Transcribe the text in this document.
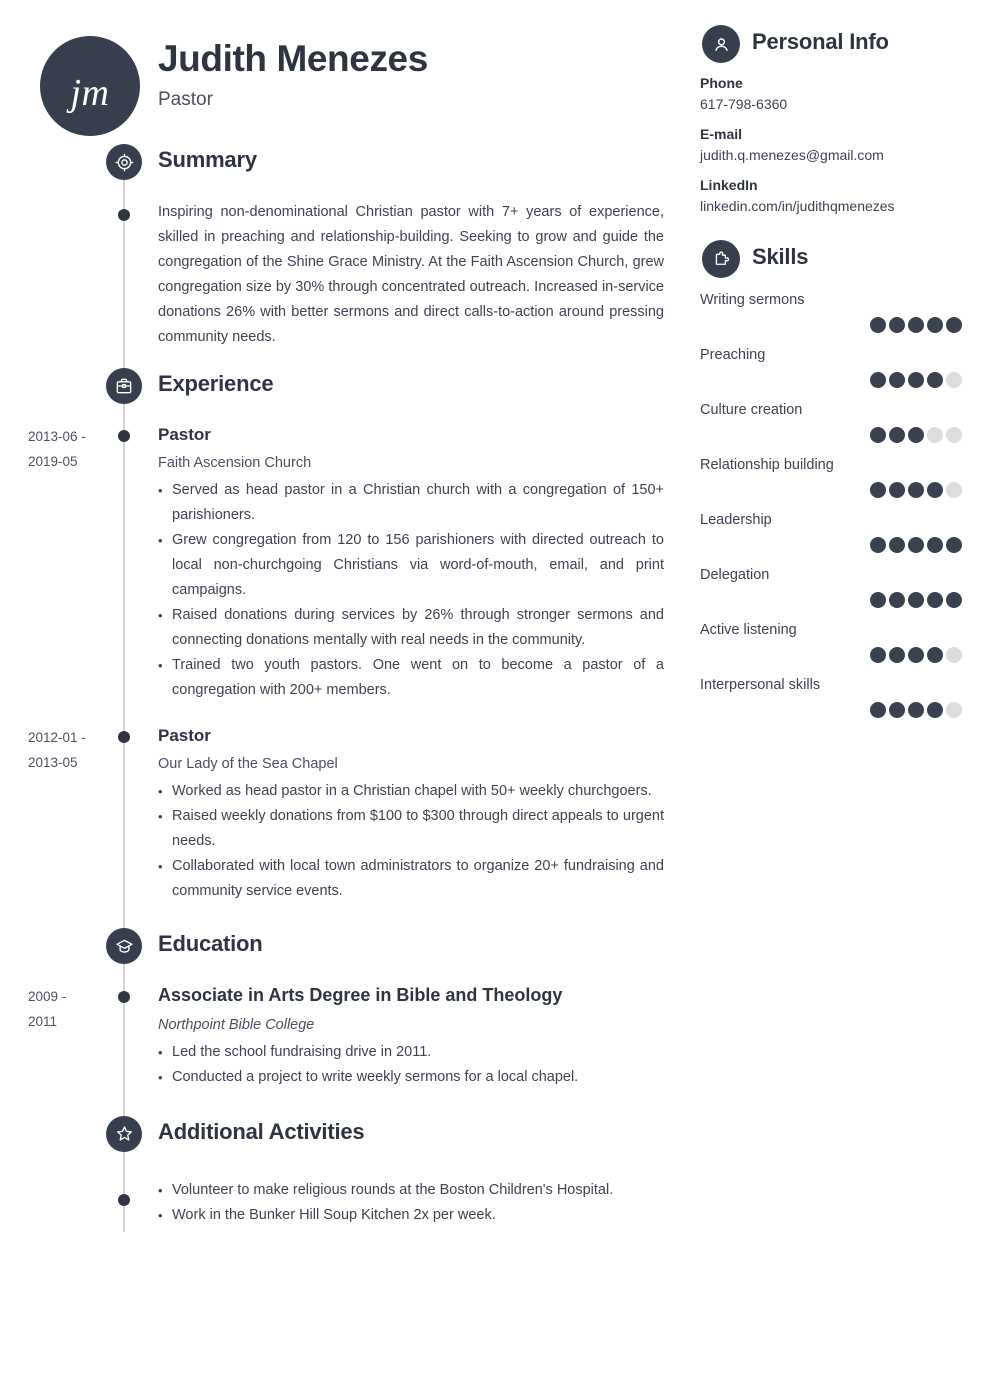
jm
Judith Menezes
Pastor
Summary

Inspiring non-denominational Christian pastor with 7+ years of experience, skilled in preaching and relationship-building. Seeking to grow and guide the congregation of the Shine Grace Ministry. At the Faith Ascension Church, grew congregation size by 30% through concentrated outreach. Increased in-service donations 26% with better sermons and direct calls-to-action around pressing community needs.

Experience
2013-06 -
2019-05
Pastor
Faith Ascension Church
• Served as head pastor in a Christian church with a congregation of 150+ parishioners.
• Grew congregation from 120 to 156 parishioners with directed outreach to local non-churchgoing Christians via word-of-mouth, email, and print campaigns.
• Raised donations during services by 26% through stronger sermons and connecting donations mentally with real needs in the community.
• Trained two youth pastors. One went on to become a pastor of a congregation with 200+ members.
2012-01 -
2013-05
Pastor
Our Lady of the Sea Chapel
• Worked as head pastor in a Christian chapel with 50+ weekly churchgoers.
• Raised weekly donations from $100 to $300 through direct appeals to urgent needs.
• Collaborated with local town administrators to organize 20+ fundraising and community service events.
Education
2009 -
2011
Associate in Arts Degree in Bible and Theology
Northpoint Bible College
• Led the school fundraising drive in 2011.
• Conducted a project to write weekly sermons for a local chapel.
Additional Activities
• Volunteer to make religious rounds at the Boston Children's Hospital.
• Work in the Bunker Hill Soup Kitchen 2x per week.
Personal Info
Phone
617-798-6360
E-mail
judith.q.menezes@gmail.com
LinkedIn
linkedin.com/in/judithqmenezes
Skills
Writing sermons
Preaching
Culture creation
Relationship building
Leadership
Delegation
Active listening
Interpersonal skills
